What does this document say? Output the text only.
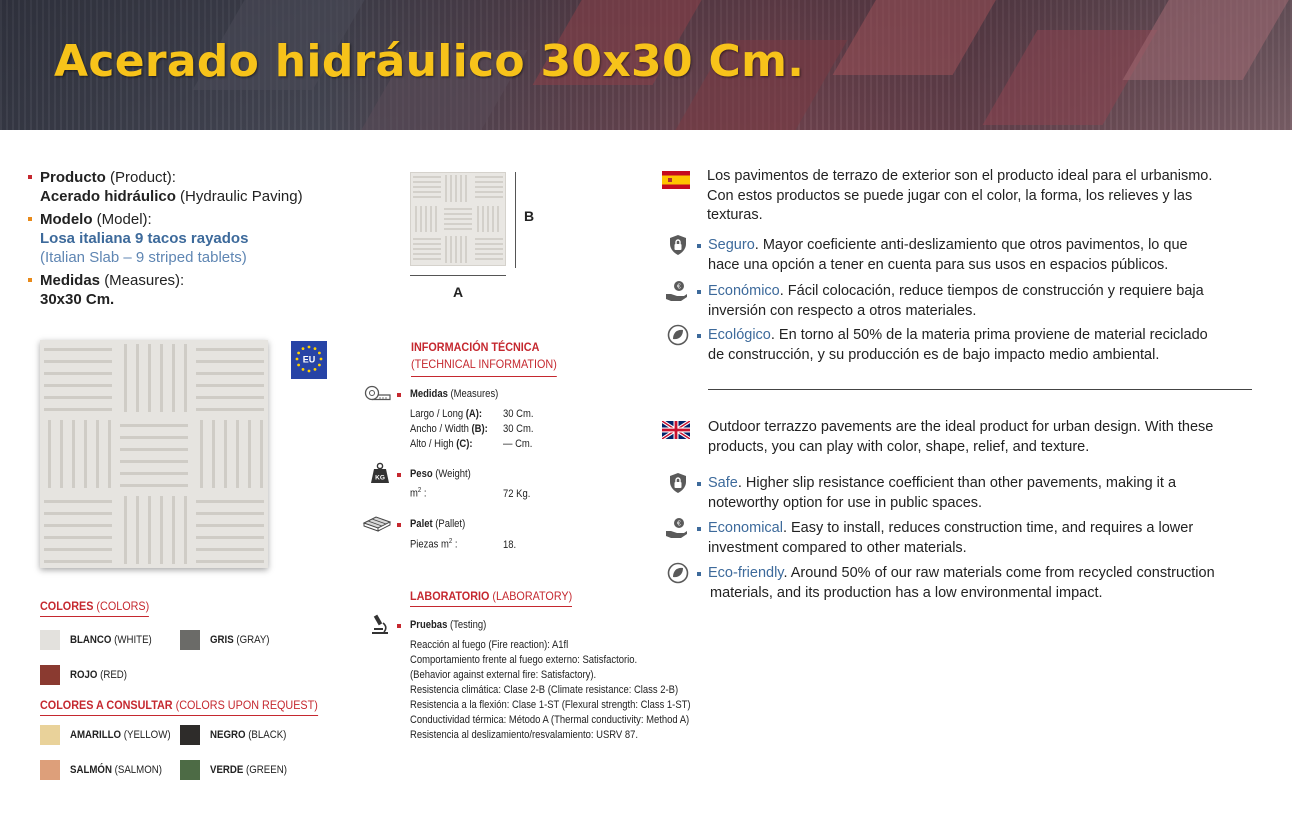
Acerado hidráulico 30x30 Cm.
Producto (Product):
Acerado hidráulico (Hydraulic Paving)
Modelo (Model):
Losa italiana 9 tacos rayados
(Italian Slab – 9 striped tablets)
Medidas (Measures):
30x30 Cm.
B
A
EU
COLORES (COLORS)
BLANCO (WHITE)	GRIS (GRAY)
ROJO (RED)
COLORES A CONSULTAR (COLORS UPON REQUEST)
AMARILLO (YELLOW)	NEGRO (BLACK)
SALMÓN (SALMON)	VERDE (GREEN)
INFORMACIÓN TÉCNICA
(TECHNICAL INFORMATION)
Medidas (Measures)
Largo / Long (A): 30 Cm.
Ancho / Width (B): 30 Cm.
Alto / High (C):	— Cm.
KG Peso (Weight)
$m^2$ :	72 Kg.
Palet (Pallet)
Piezas $m^2$ :	18.
LABORATORIO (LABORATORY)
Pruebas (Testing)
Reacción al fuego (Fire reaction): A1fl
Comportamiento frente al fuego externo: Satisfactorio.
(Behavior against external fire: Satisfactory).
Resistencia climática: Clase 2-B (Climate resistance: Class 2-B)
Resistencia a la flexión: Clase 1-ST (Flexural strength: Class 1-ST)
Conductividad térmica: Método A (Thermal conductivity: Method A)
Resistencia al deslizamiento/resvalamiento: USRV 87.
Los pavimentos de terrazo de exterior son el producto ideal para el urbanismo.
Con estos productos se puede jugar con el color, la forma, los relieves y las
texturas.
Seguro. Mayor coeficiente anti-deslizamiento que otros pavimentos, lo que
hace una opción a tener en cuenta para sus usos en espacios públicos.
€ Económico. Fácil colocación, reduce tiempos de construcción y requiere baja
inversión con respecto a otros materiales.
Ecológico. En torno al 50% de la materia prima proviene de material reciclado
de construcción, y su producción es de bajo impacto medio ambiental.
Outdoor terrazzo pavements are the ideal product for urban design. With these
products, you can play with color, shape, relief, and texture.
Safe. Higher slip resistance coefficient than other pavements, making it a
noteworthy option for use in public spaces.
€ Economical. Easy to install, reduces construction time, and requires a lower
investment compared to other materials.
Eco-friendly. Around 50% of our raw materials come from recycled construction
materials, and its production has a low environmental impact.
